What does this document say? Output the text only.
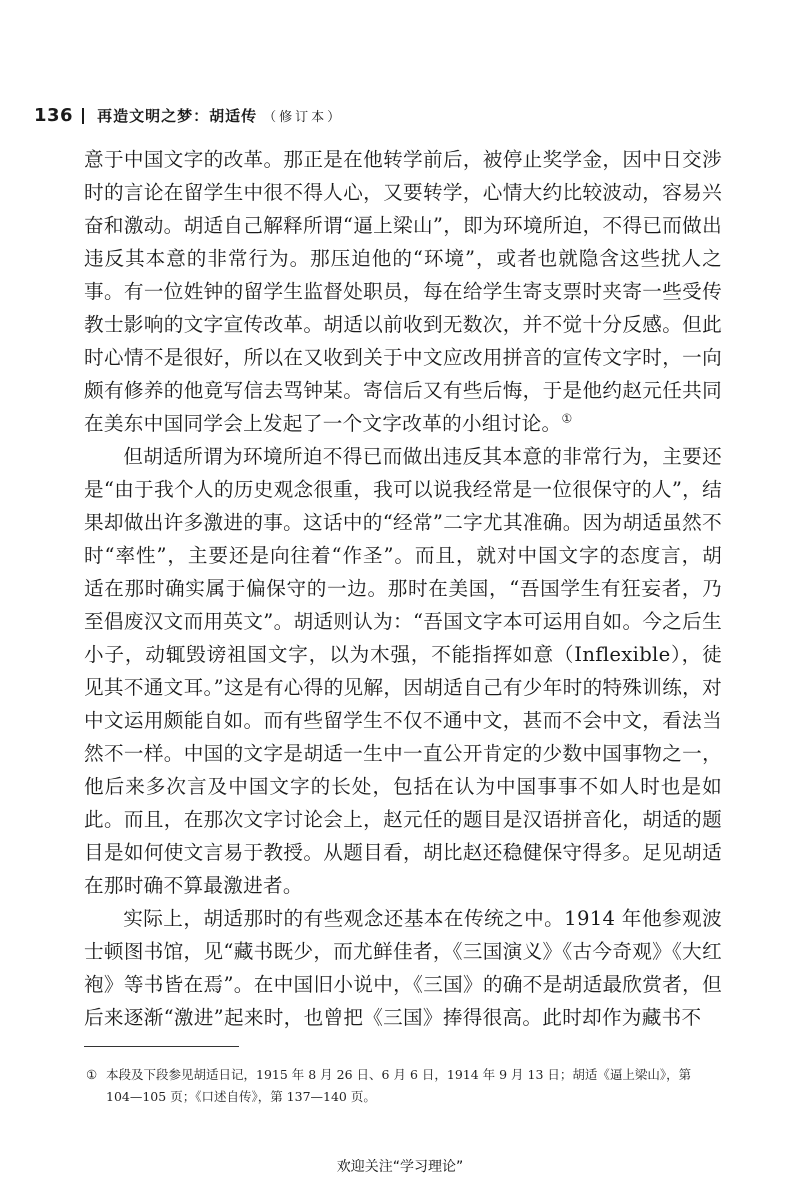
136 再造文明之梦：胡适传 （修订本）

意于中国文字的改革。那正是在他转学前后，被停止奖学金，因中日交涉时的言论在留学生中很不得人心，又要转学，心情大约比较波动，容易兴奋和激动。胡适自己解释所谓“逼上梁山”，即为环境所迫，不得已而做出违反其本意的非常行为。那压迫他的“环境”，或者也就隐含这些扰人之事。有一位姓钟的留学生监督处职员，每在给学生寄支票时夹寄一些受传教士影响的文字宣传改革。胡适以前收到无数次，并不觉十分反感。但此时心情不是很好，所以在又收到关于中文应改用拼音的宣传文字时，一向颇有修养的他竟写信去骂钟某。寄信后又有些后悔，于是他约赵元任共同在美东中国同学会上发起了一个文字改革的小组讨论。①

但胡适所谓为环境所迫不得已而做出违反其本意的非常行为，主要还是“由于我个人的历史观念很重，我可以说我经常是一位很保守的人”，结果却做出许多激进的事。这话中的“经常”二字尤其准确。因为胡适虽然不时“率性”，主要还是向往着“作圣”。而且，就对中国文字的态度言，胡适在那时确实属于偏保守的一边。那时在美国，“吾国学生有狂妄者，乃至倡废汉文而用英文”。胡适则认为：“吾国文字本可运用自如。今之后生小子，动辄毁谤祖国文字，以为木强，不能指挥如意（Inflexible），徒见其不通文耳。”这是有心得的见解，因胡适自己有少年时的特殊训练，对中文运用颇能自如。而有些留学生不仅不通中文，甚而不会中文，看法当然不一样。中国的文字是胡适一生中一直公开肯定的少数中国事物之一，他后来多次言及中国文字的长处，包括在认为中国事事不如人时也是如此。而且，在那次文字讨论会上，赵元任的题目是汉语拼音化，胡适的题目是如何使文言易于教授。从题目看，胡比赵还稳健保守得多。足见胡适在那时确不算最激进者。

实际上，胡适那时的有些观念还基本在传统之中。1914 年他参观波士顿图书馆，见“藏书既少，而尤鲜佳者，《三国演义》《古今奇观》《大红袍》等书皆在焉”。在中国旧小说中，《三国》的确不是胡适最欣赏者，但后来逐渐“激进”起来时，也曾把《三国》捧得很高。此时却作为藏书不

① 本段及下段参见胡适日记，1915 年 8 月 26 日、6 月 6 日，1914 年 9 月 13 日；胡适《逼上梁山》，第 104—105 页；《口述自传》，第 137—140 页。
欢迎关注“学习理论”
